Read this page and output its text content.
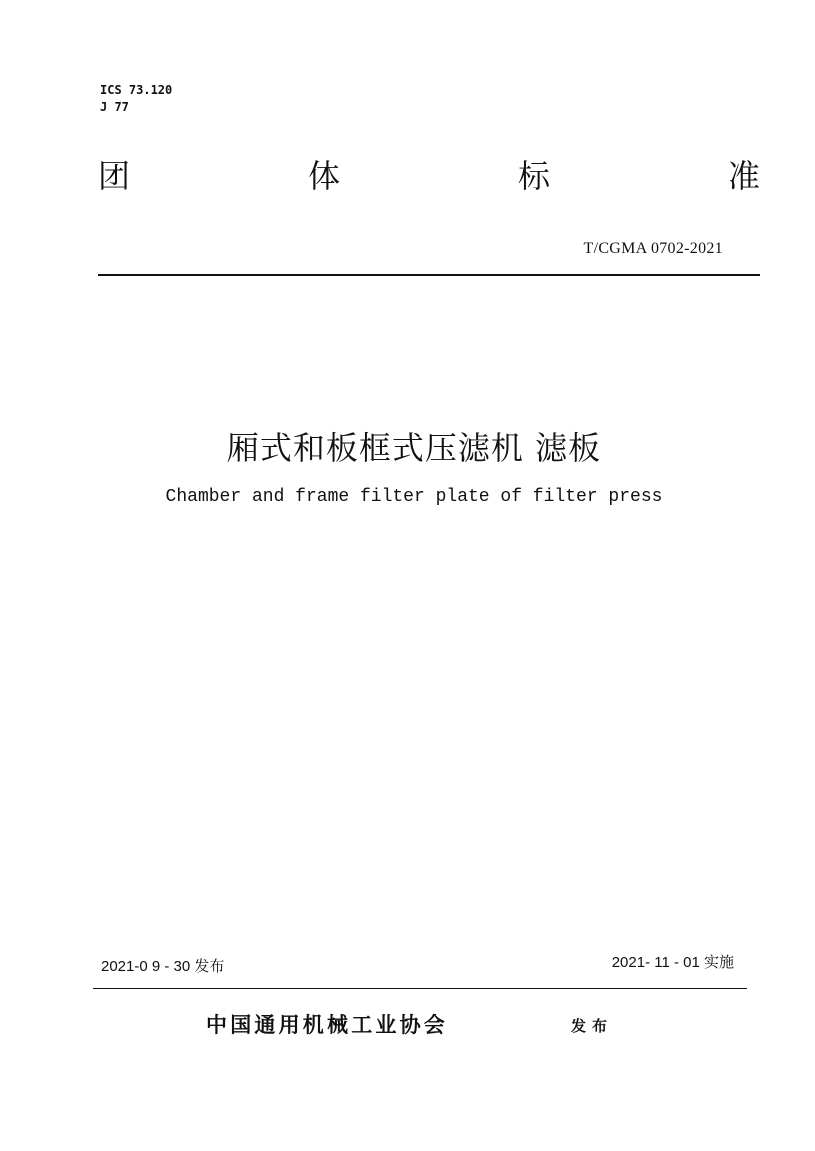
ICS 73.120
J 77
团	体	标	准
T/CGMA 0702-2021
厢式和板框式压滤机 滤板
Chamber and frame filter plate of filter press
2021-0 9 - 30 发布	2021- 11 - 01 实施
中国通用机械工业协会	发布
